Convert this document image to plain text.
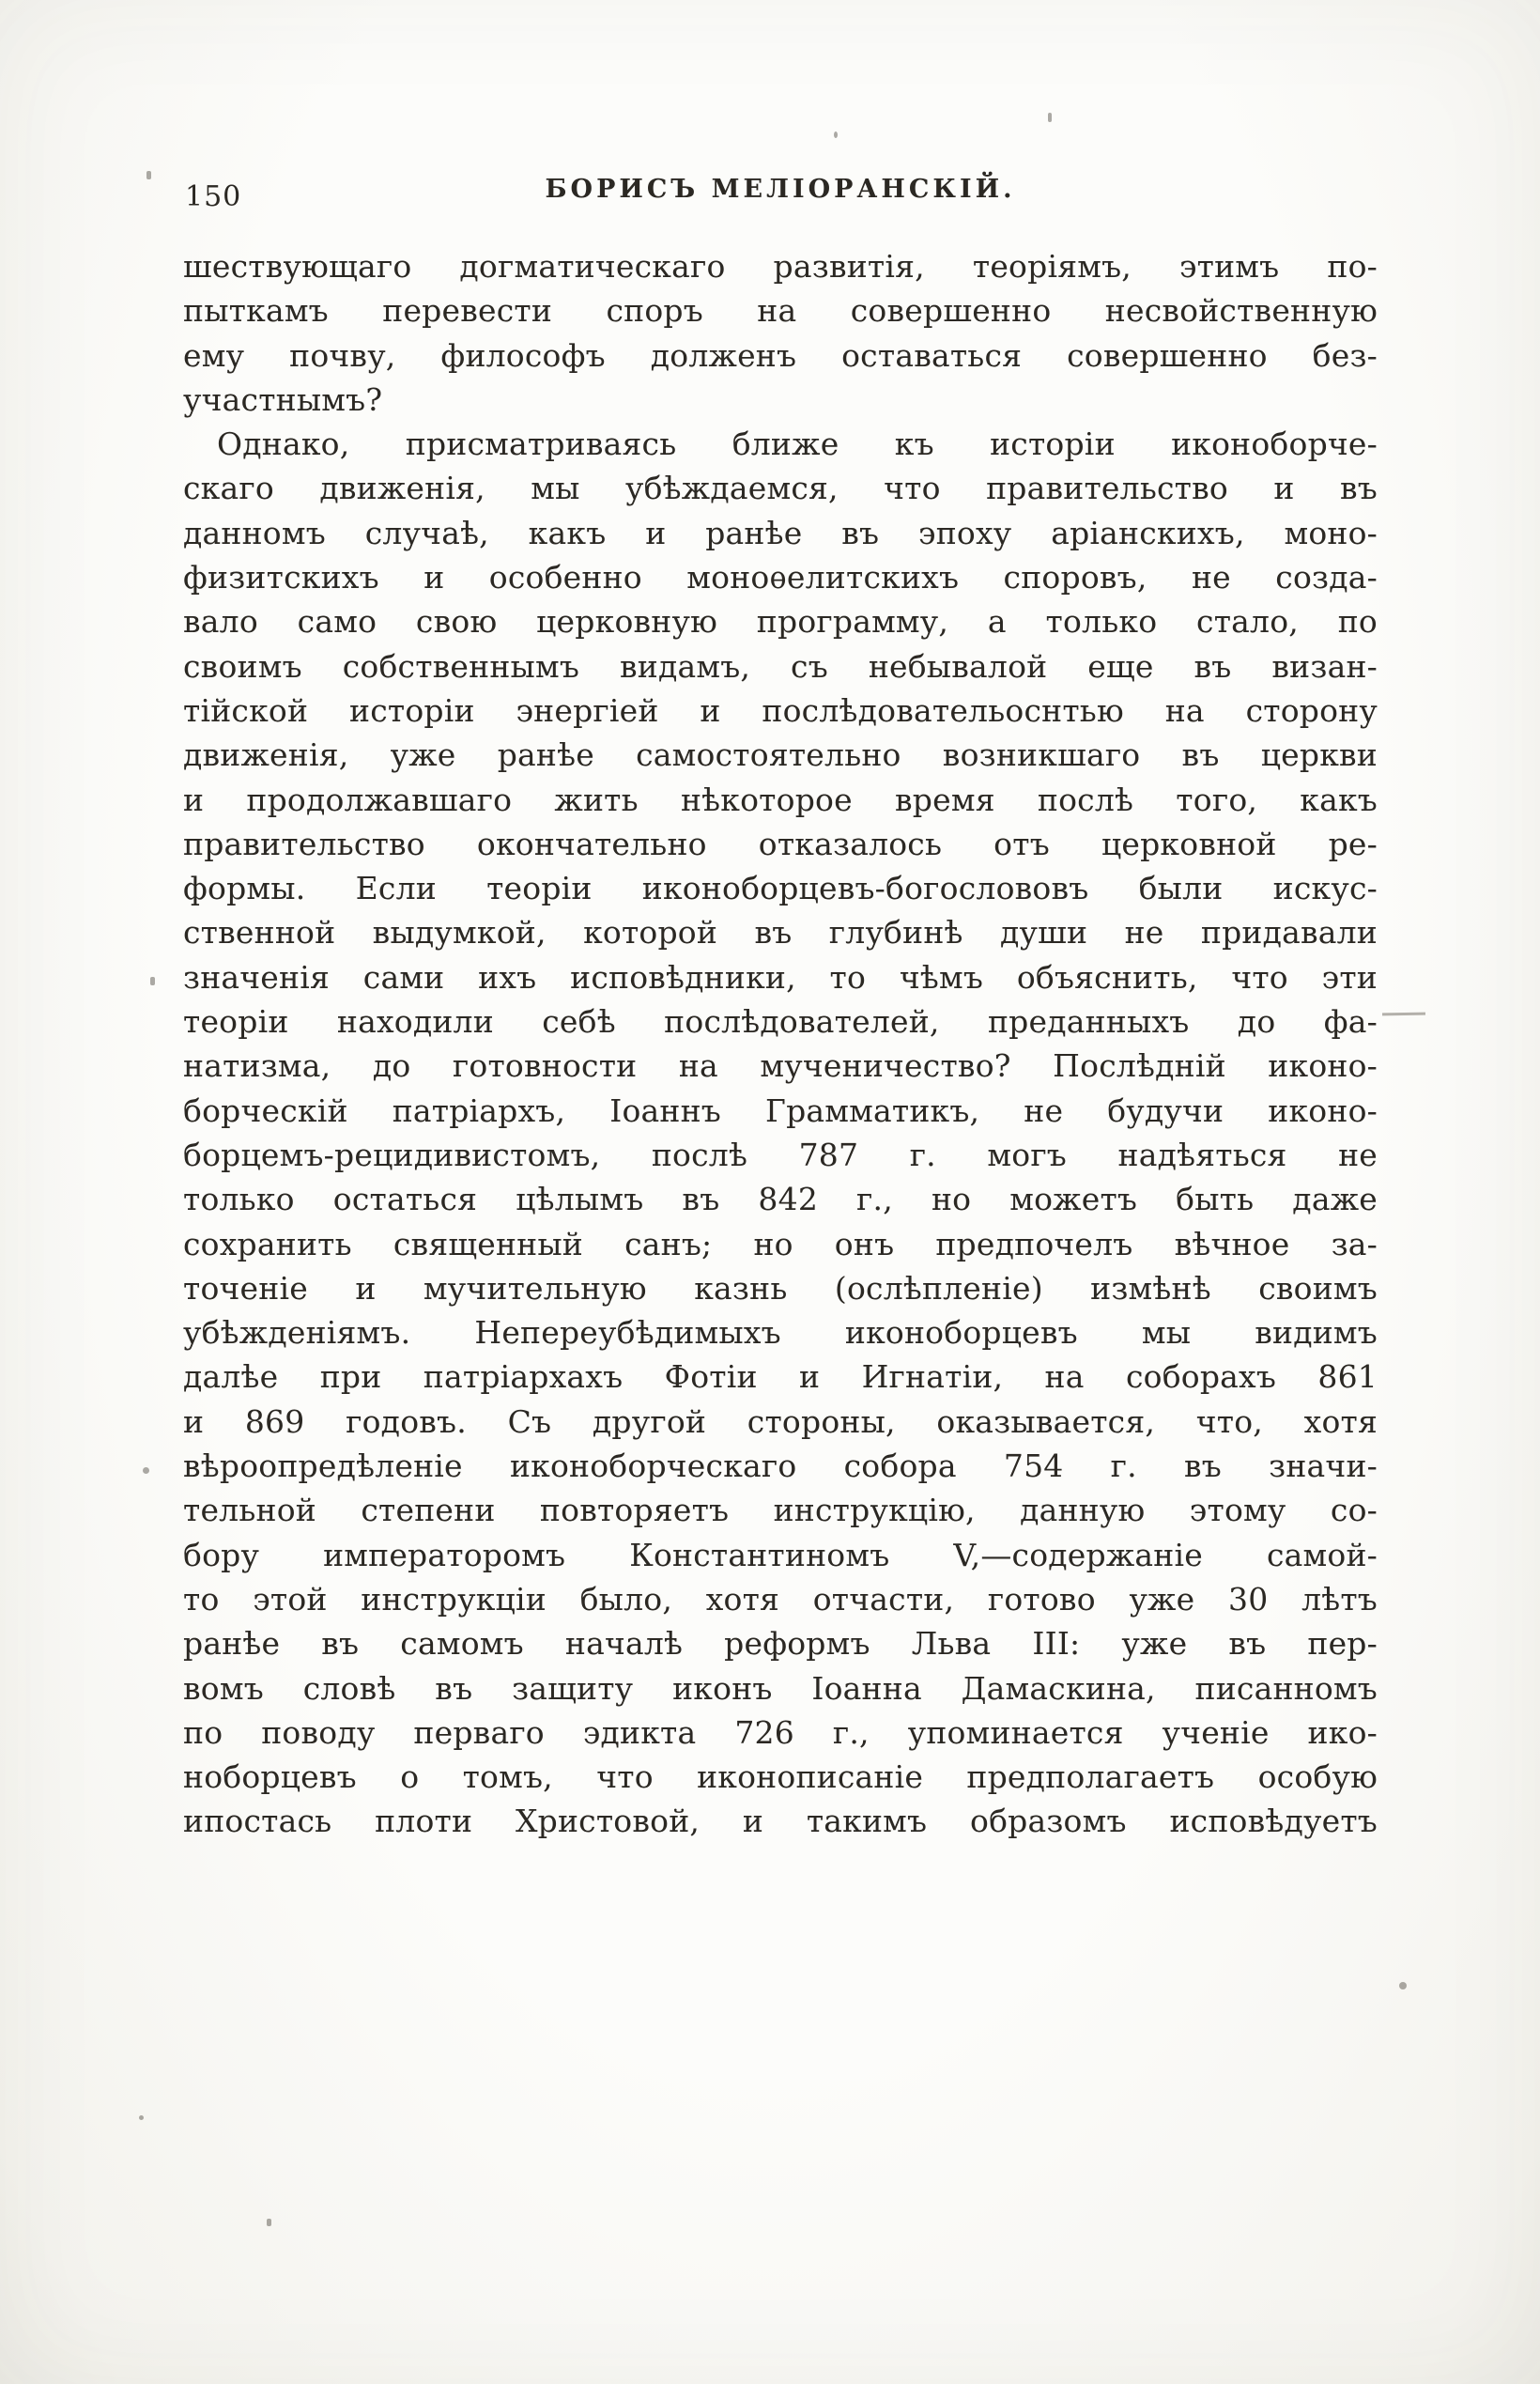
150	БОРИСЪ МЕЛІОРАНСКІЙ.
шествующаго догматическаго развитія, теоріямъ, этимъ по-
пыткамъ перевести споръ на совершенно несвойственную
ему почву, философъ долженъ оставаться совершенно без-
участнымъ?
Однако, присматриваясь ближе къ исторіи иконоборче-
скаго движенія, мы убѣждаемся, что правительство и въ
данномъ случаѣ, какъ и ранѣе въ эпоху аріанскихъ, моно-
физитскихъ и особенно моноѳелитскихъ споровъ, не созда-
вало само свою церковную программу, а только стало, по
своимъ собственнымъ видамъ, съ небывалой еще въ визан-
тійской исторіи энергіей и послѣдовательоснтью на сторону
движенія, уже ранѣе самостоятельно возникшаго въ церкви
и продолжавшаго жить нѣкоторое время послѣ того, какъ
правительство окончательно отказалось отъ церковной ре-
формы. Если теоріи иконоборцевъ-богослововъ были искус-
ственной выдумкой, которой въ глубинѣ души не придавали
значенія сами ихъ исповѣдники, то чѣмъ объяснить, что эти
теоріи находили себѣ послѣдователей, преданныхъ до фа-
натизма, до готовности на мученичество? Послѣдній иконо-
борческій патріархъ, Іоаннъ Грамматикъ, не будучи иконо-
борцемъ-рецидивистомъ, послѣ 787 г. могъ надѣяться не
только остаться цѣлымъ въ 842 г., но можетъ быть даже
сохранить священный санъ; но онъ предпочелъ вѣчное за-
точеніе и мучительную казнь (ослѣпленіе) измѣнѣ своимъ
убѣжденіямъ. Непереубѣдимыхъ иконоборцевъ мы видимъ
далѣе при патріархахъ Фотіи и Игнатіи, на соборахъ 861
и 869 годовъ. Съ другой стороны, оказывается, что, хотя
вѣроопредѣленіе иконоборческаго собора 754 г. въ значи-
тельной степени повторяетъ инструкцію, данную этому со-
бору императоромъ Константиномъ V,—содержаніе самой-
то этой инструкціи было, хотя отчасти, готово уже 30 лѣтъ
ранѣе въ самомъ началѣ реформъ Льва III: уже въ пер-
вомъ словѣ въ защиту иконъ Іоанна Дамаскина, писанномъ
по поводу перваго эдикта 726 г., упоминается ученіе ико-
ноборцевъ о томъ, что иконописаніе предполагаетъ особую
ипостась плоти Христовой, и такимъ образомъ исповѣдуетъ
